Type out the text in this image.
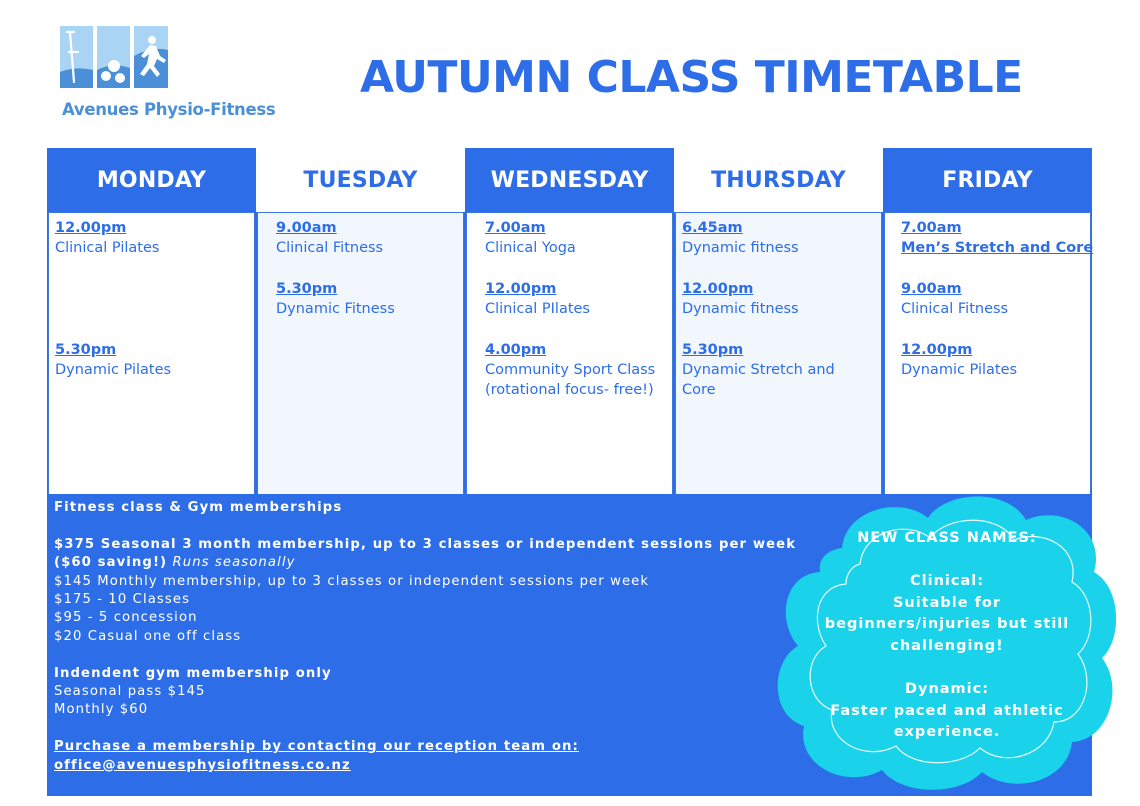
Avenues Physio-Fitness
AUTUMN CLASS TIMETABLE
MONDAY
12.00pm
Clinical Pilates
5.30pm
Dynamic Pilates
TUESDAY
9.00am
Clinical Fitness
5.30pm
Dynamic Fitness
WEDNESDAY
7.00am
Clinical Yoga
12.00pm
Clinical PIlates
4.00pm
Community Sport Class (rotational focus- free!)
THURSDAY
6.45am
Dynamic fitness
12.00pm
Dynamic fitness
5.30pm
Dynamic Stretch and Core
FRIDAY
7.00am
Men’s Stretch and Core
9.00am
Clinical Fitness
12.00pm
Dynamic Pilates
Fitness class & Gym memberships
$375 Seasonal 3 month membership, up to 3 classes or independent sessions per week ($60 saving!) Runs seasonally
$145 Monthly membership, up to 3 classes or independent sessions per week
$175 - 10 Classes
$95 - 5 concession
$20 Casual one off class
Indendent gym membership only
Seasonal pass $145
Monthly $60
Purchase a membership by contacting our reception team on:
office@avenuesphysiofitness.co.nz
NEW CLASS NAMES:
Clinical:
Suitable for beginners/injuries but still challenging!
Dynamic:
Faster paced and athletic experience.
